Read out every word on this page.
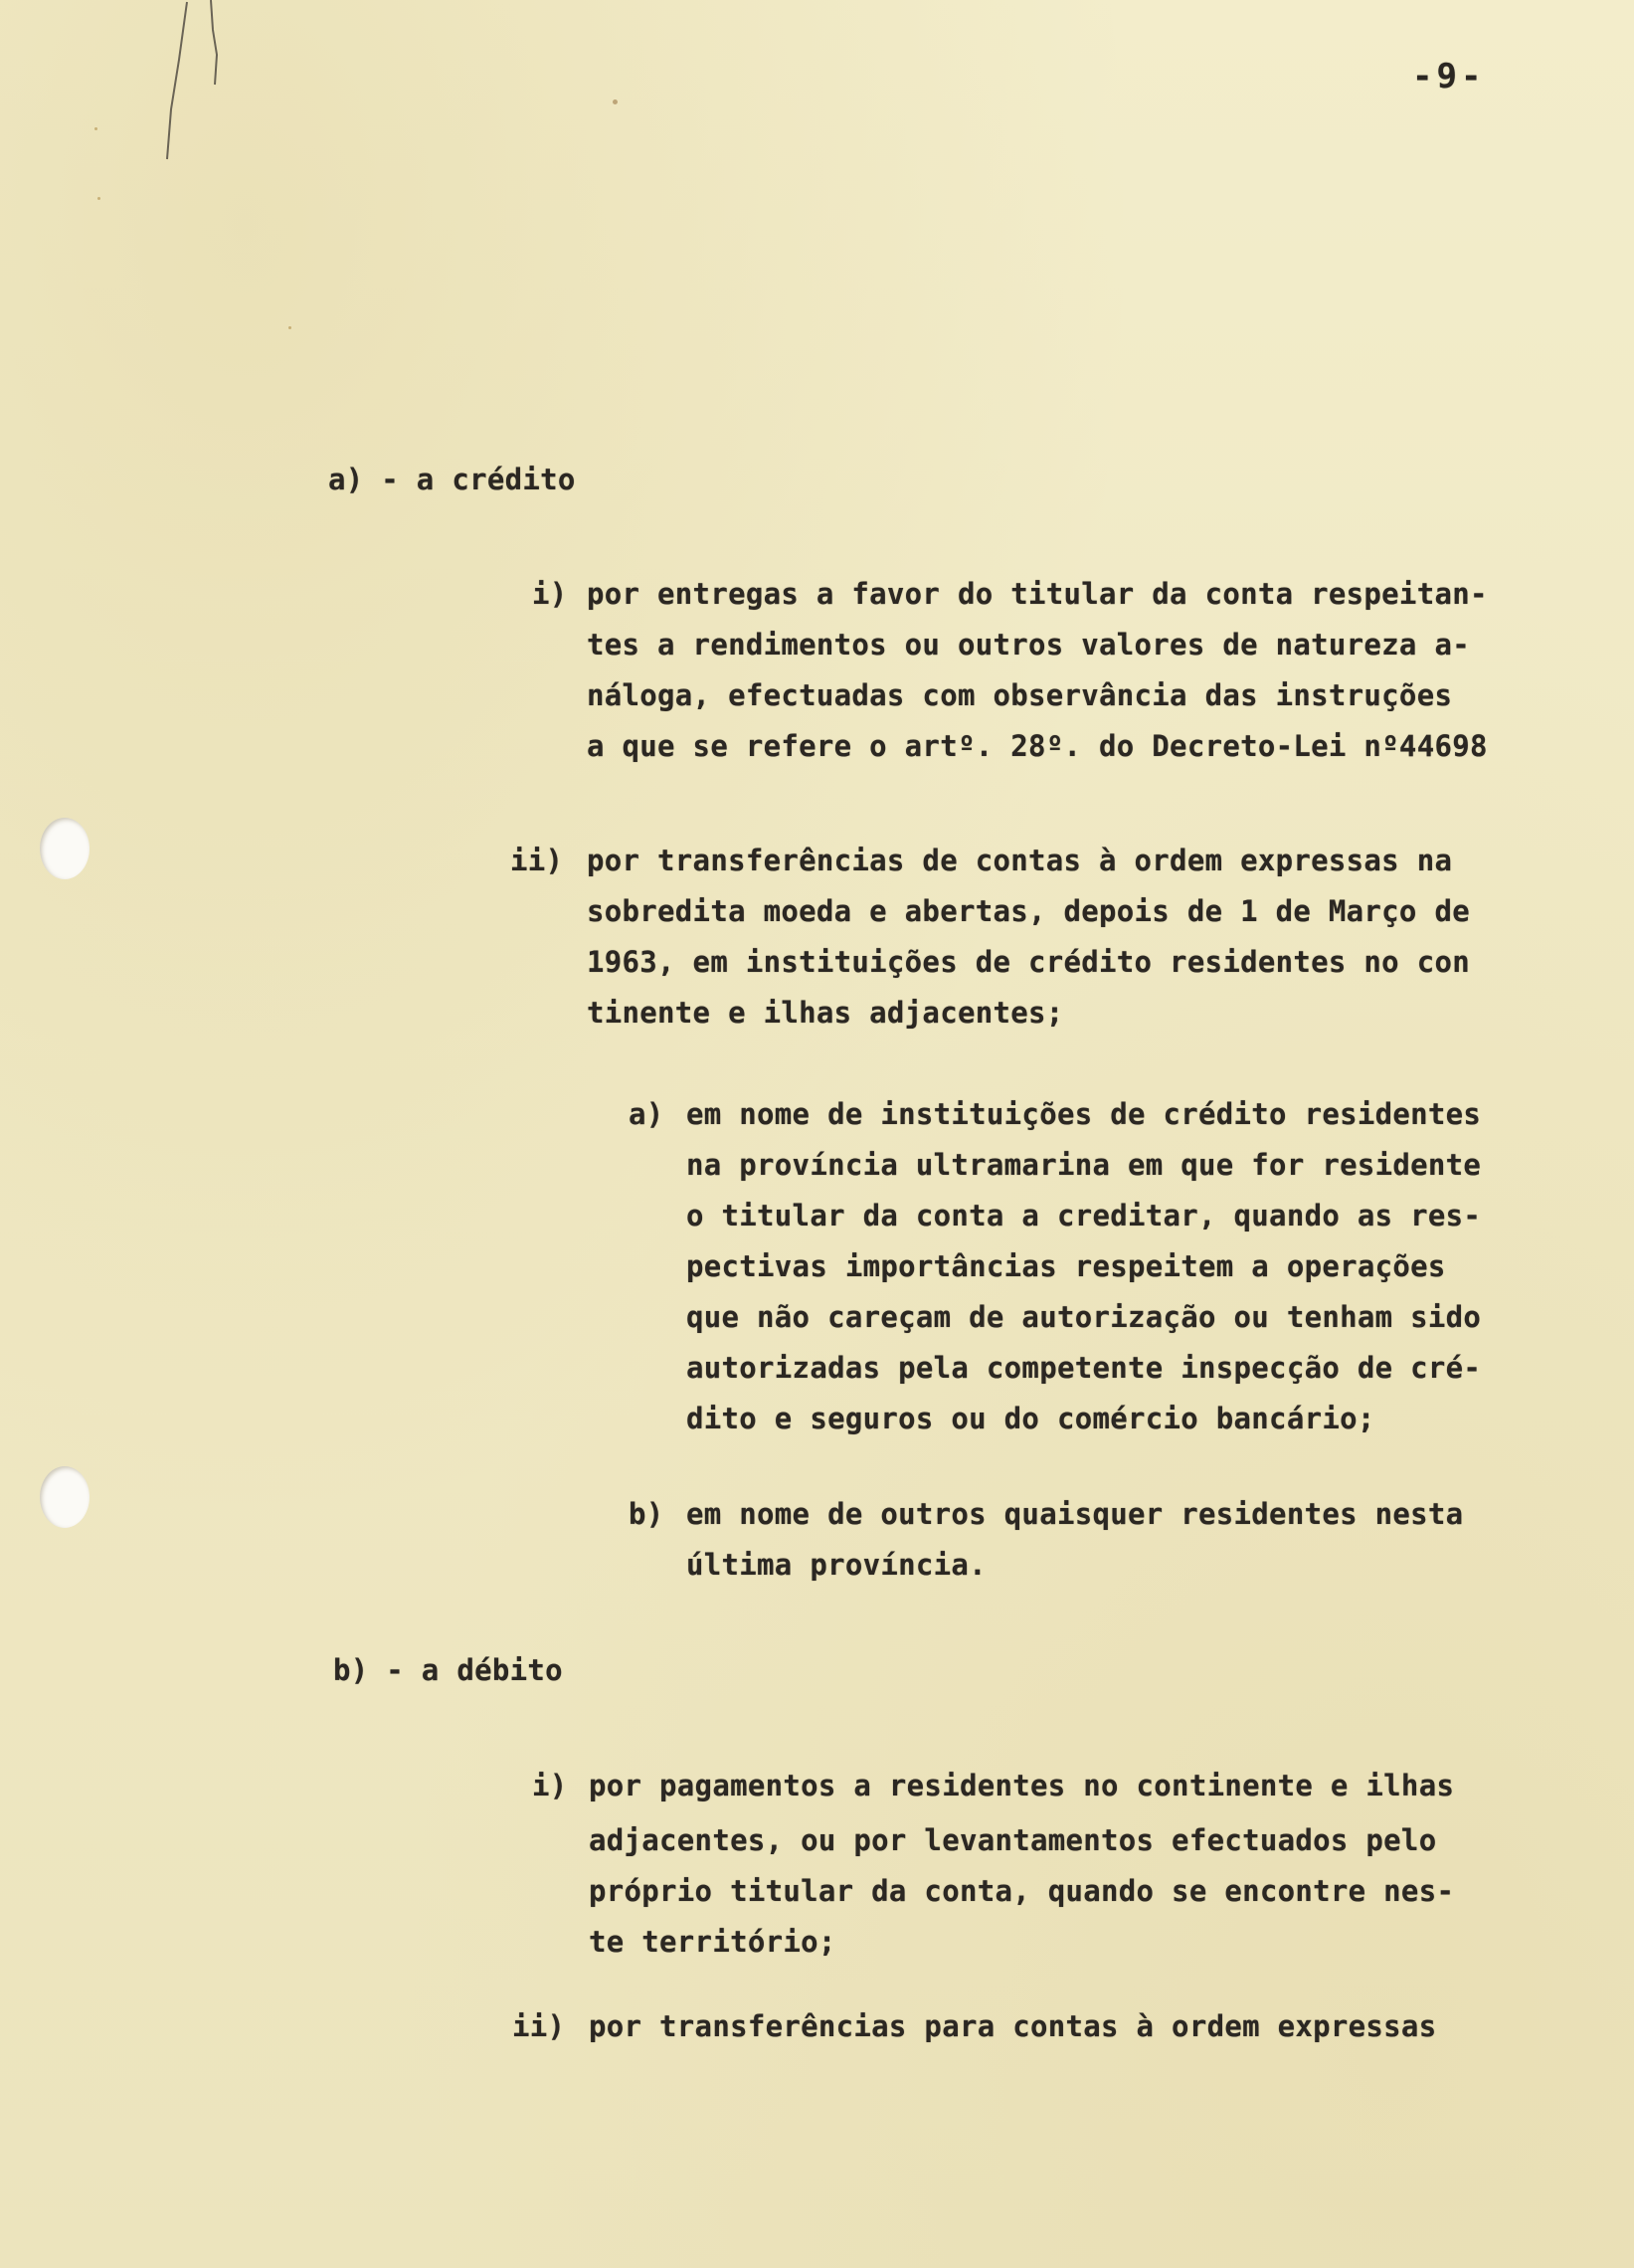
-9-
a) - a crédito
i) por entregas a favor do titular da conta respeitan-
tes a rendimentos ou outros valores de natureza a-
náloga, efectuadas com observância das instruções
a que se refere o artº. 28º. do Decreto-Lei nº44698
ii) por transferências de contas à ordem expressas na
sobredita moeda e abertas, depois de 1 de Março de
1963, em instituições de crédito residentes no con
tinente e ilhas adjacentes;
a) em nome de instituições de crédito residentes
na província ultramarina em que for residente
o titular da conta a creditar, quando as res-
pectivas importâncias respeitem a operações
que não careçam de autorização ou tenham sido
autorizadas pela competente inspecção de cré-
dito e seguros ou do comércio bancário;
b) em nome de outros quaisquer residentes nesta
última província.
b) - a débito
i) por pagamentos a residentes no continente e ilhas
adjacentes, ou por levantamentos efectuados pelo
próprio titular da conta, quando se encontre nes-
te território;
ii) por transferências para contas à ordem expressas
